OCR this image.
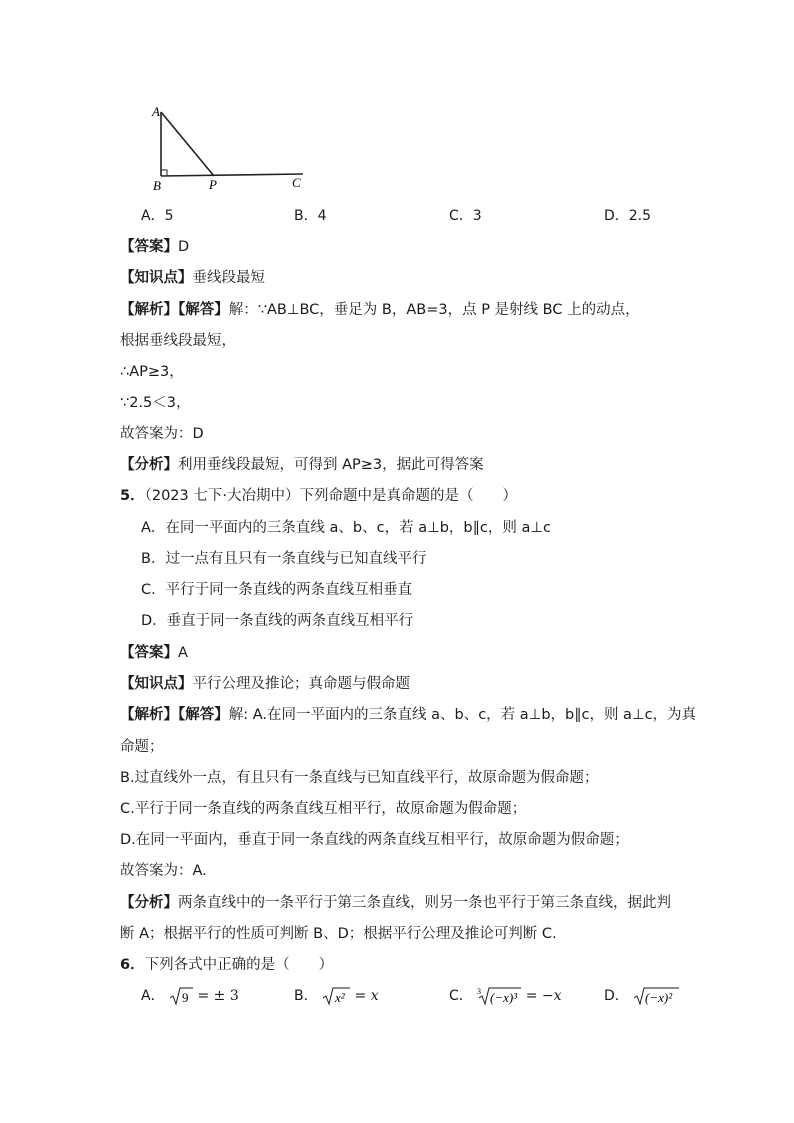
A
B	P	C
A．5	B．4	C．3	D．2.5
【答案】D
【知识点】垂线段最短
【解析】【解答】解：∵AB⊥BC，垂足为 B，AB=3，点 P 是射线 BC 上的动点，
根据垂线段最短，
∴AP≥3，
∵2.5＜3，
故答案为：D
【分析】利用垂线段最短，可得到 AP≥3，据此可得答案
5．（2023 七下·大冶期中）下列命题中是真命题的是（　　）
A．在同一平面内的三条直线 a、b、c，若 a⊥b，b∥c，则 a⊥c
B．过一点有且只有一条直线与已知直线平行
C．平行于同一条直线的两条直线互相垂直
D．垂直于同一条直线的两条直线互相平行
【答案】A
【知识点】平行公理及推论；真命题与假命题
【解析】【解答】解: A.在同一平面内的三条直线 a、b、c，若 a⊥b，b∥c，则 a⊥c，为真
命题；
B.过直线外一点，有且只有一条直线与已知直线平行，故原命题为假命题；
C.平行于同一条直线的两条直线互相平行，故原命题为假命题；
D.在同一平面内，垂直于同一条直线的两条直线互相平行，故原命题为假命题；
故答案为：A.
【分析】两条直线中的一条平行于第三条直线，则另一条也平行于第三条直线，据此判
断 A；根据平行的性质可判断 B、D；根据平行公理及推论可判断 C.
6．下列各式中正确的是（　　）
A． 9 = ± 3	B． x² = x	C． 3 (−x)³ = −x	D． (−x)²
